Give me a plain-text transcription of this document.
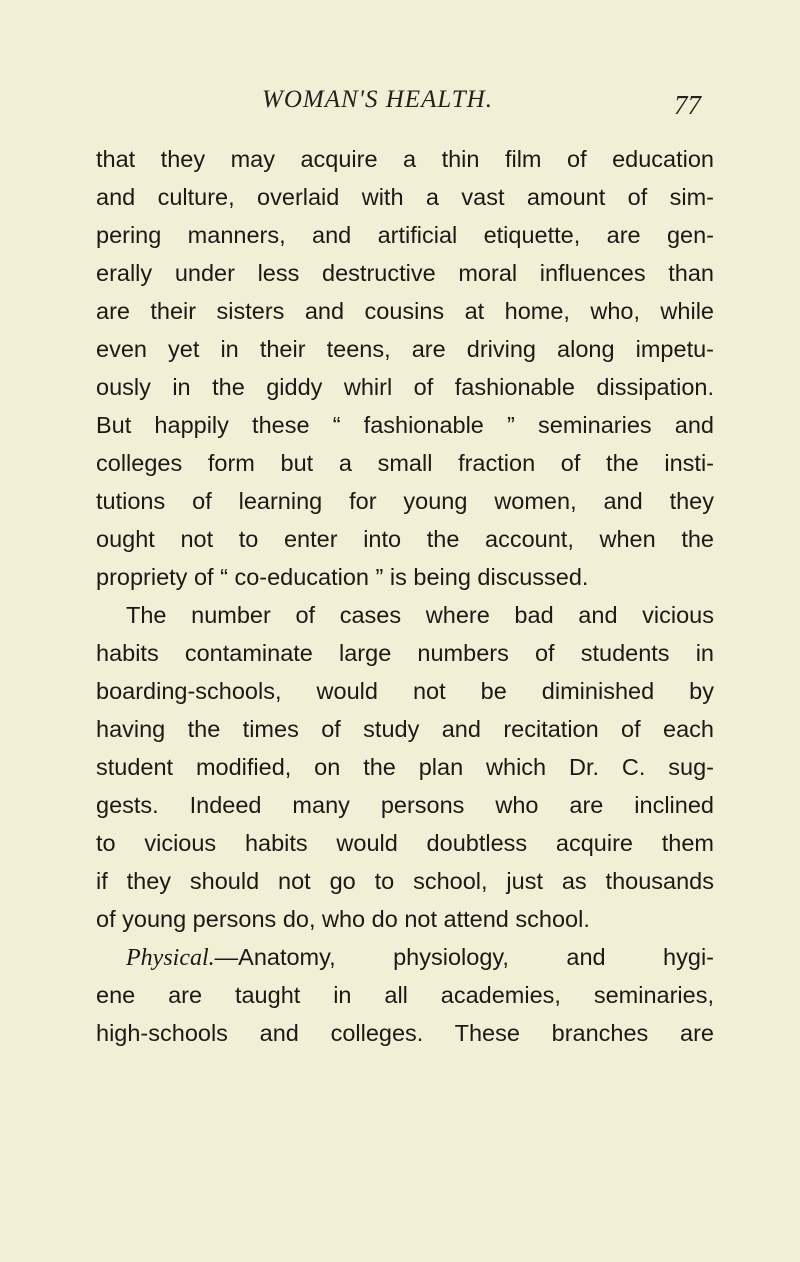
WOMAN'S HEALTH.	77
that they may acquire a thin film of education
and culture, overlaid with a vast amount of sim-
pering manners, and artificial etiquette, are gen-
erally under less destructive moral influences than
are their sisters and cousins at home, who, while
even yet in their teens, are driving along impetu-
ously in the giddy whirl of fashionable dissipation.
But happily these “ fashionable ” seminaries and
colleges form but a small fraction of the insti-
tutions of learning for young women, and they
ought not to enter into the account, when the
propriety of “ co-education ” is being discussed.
The number of cases where bad and vicious
habits contaminate large numbers of students in
boarding-schools, would not be diminished by
having the times of study and recitation of each
student modified, on the plan which Dr. C. sug-
gests. Indeed many persons who are inclined
to vicious habits would doubtless acquire them
if they should not go to school, just as thousands
of young persons do, who do not attend school.
Physical.—Anatomy, physiology, and hygi-
ene are taught in all academies, seminaries,
high-schools and colleges. These branches are
